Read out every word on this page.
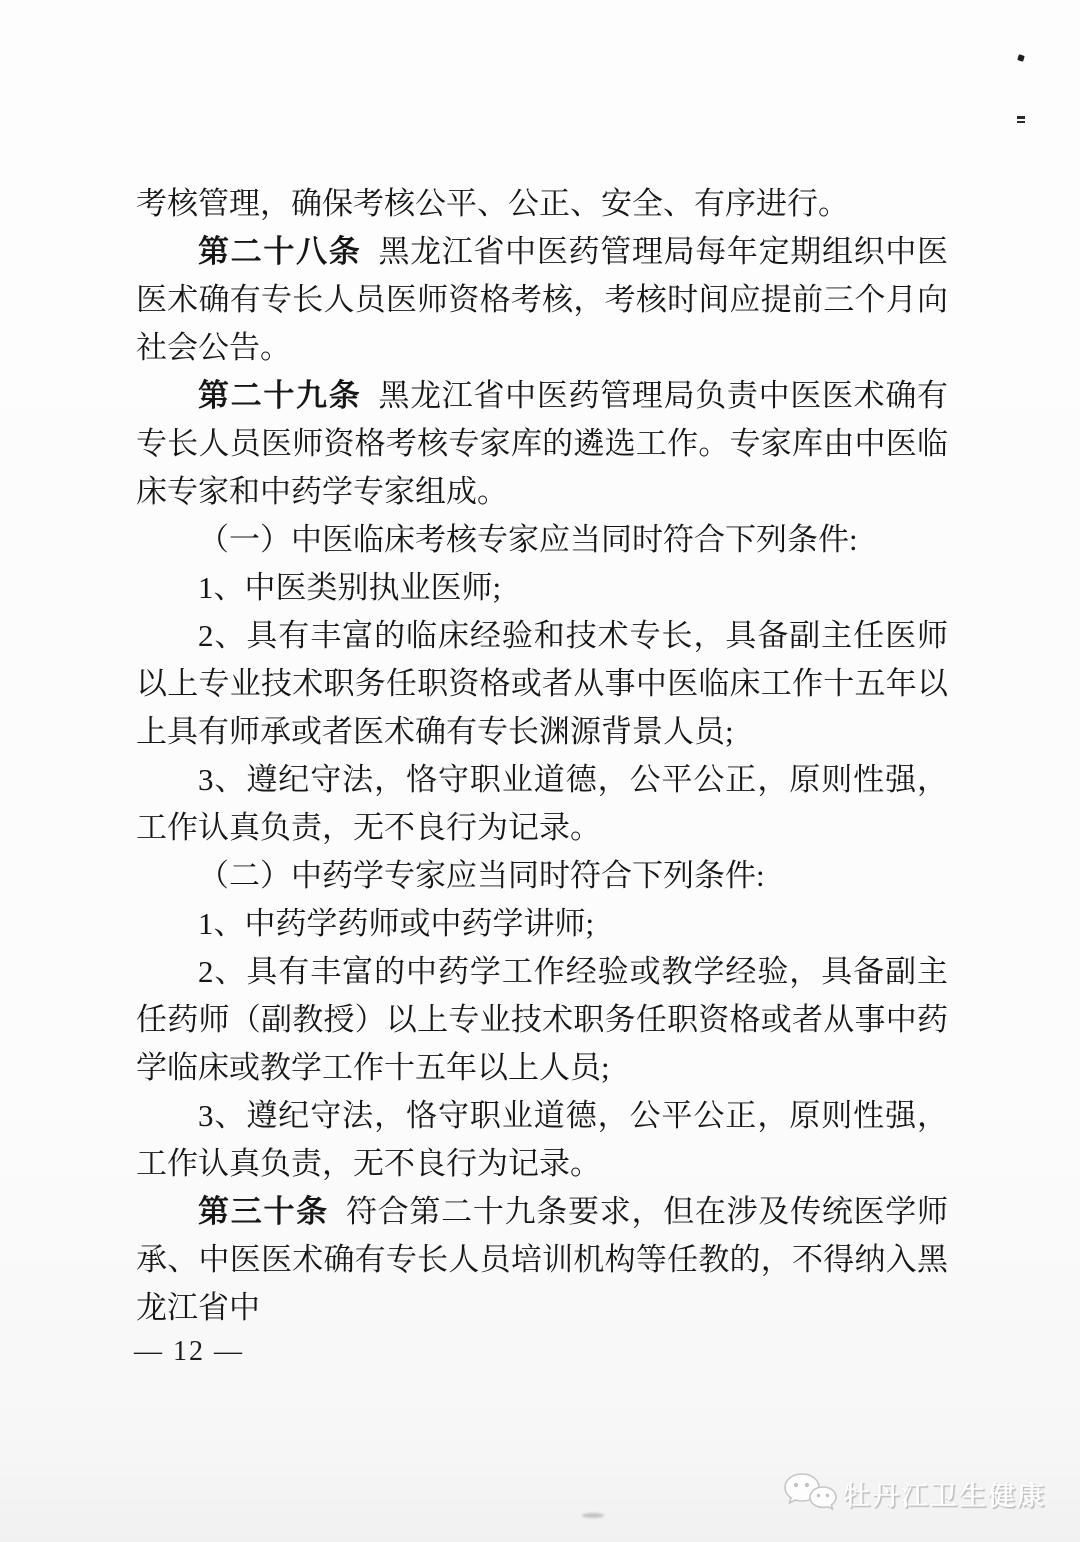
考核管理，确保考核公平、公正、安全、有序进行。

第二十八条 黑龙江省中医药管理局每年定期组织中医医术确有专长人员医师资格考核，考核时间应提前三个月向社会公告。

第二十九条 黑龙江省中医药管理局负责中医医术确有专长人员医师资格考核专家库的遴选工作。专家库由中医临床专家和中药学专家组成。

（一）中医临床考核专家应当同时符合下列条件:

1、中医类别执业医师;

2、具有丰富的临床经验和技术专长，具备副主任医师以上专业技术职务任职资格或者从事中医临床工作十五年以上具有师承或者医术确有专长渊源背景人员;

3、遵纪守法，恪守职业道德，公平公正，原则性强，工作认真负责，无不良行为记录。

（二）中药学专家应当同时符合下列条件:

1、中药学药师或中药学讲师;

2、具有丰富的中药学工作经验或教学经验，具备副主任药师（副教授）以上专业技术职务任职资格或者从事中药学临床或教学工作十五年以上人员;

3、遵纪守法，恪守职业道德，公平公正，原则性强，工作认真负责，无不良行为记录。

第三十条 符合第二十九条要求，但在涉及传统医学师承、中医医术确有专长人员培训机构等任教的，不得纳入黑龙江省中

— 12 —
牡丹江卫生健康
